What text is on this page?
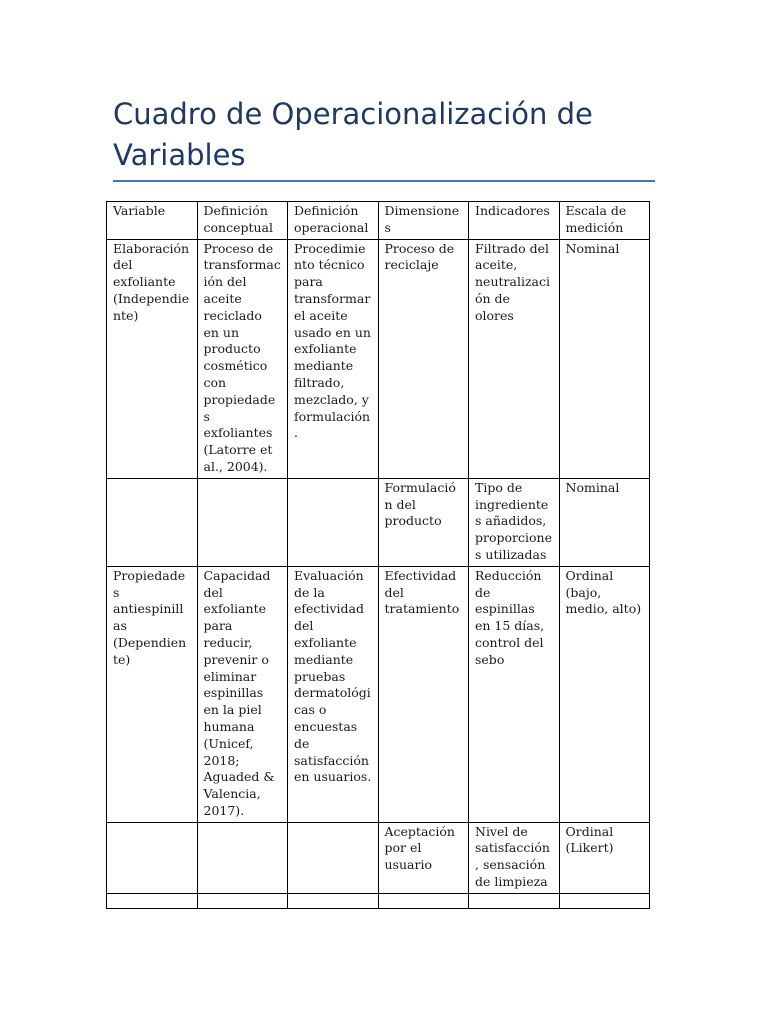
Cuadro de Operacionalización de Variables
Variable	Definición conceptual	Definición operacional	Dimensiones	Indicadores	Escala de medición
Elaboración del exfoliante (Independiente)	Proceso de transformación del aceite reciclado en un producto cosmético con propiedades exfoliantes (Latorre et al., 2004).	Procedimiento técnico para transformar el aceite usado en un exfoliante mediante filtrado, mezclado, y formulación.	Proceso de reciclaje	Filtrado del aceite, neutralización de olores	Nominal
			Formulación del producto	Tipo de ingredientes añadidos, proporciones utilizadas	Nominal
Propiedades antiespinillas (Dependiente)	Capacidad del exfoliante para reducir, prevenir o eliminar espinillas en la piel humana (Unicef, 2018; Aguaded & Valencia, 2017).	Evaluación de la efectividad del exfoliante mediante pruebas dermatológicas o encuestas de satisfacción en usuarios.	Efectividad del tratamiento	Reducción de espinillas en 15 días, control del sebo	Ordinal (bajo, medio, alto)
			Aceptación por el usuario	Nivel de satisfacción, sensación de limpieza	Ordinal (Likert)
